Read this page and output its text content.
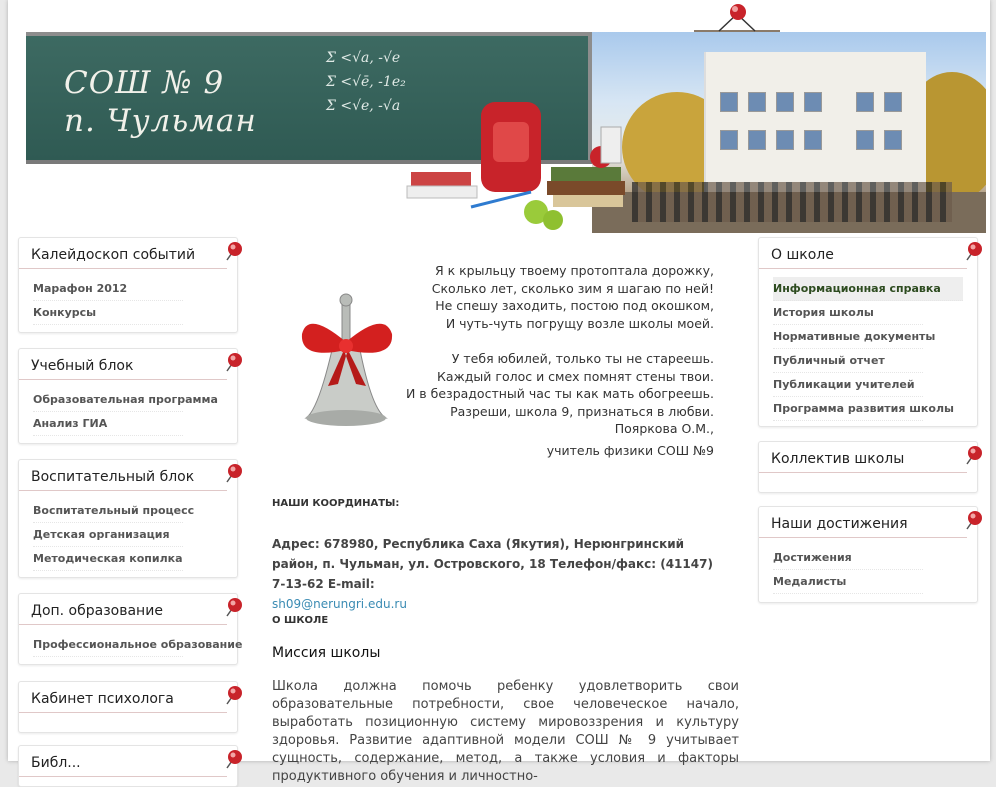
СОШ № 9
п. Чульман
Σ <√a, -√e
Σ <√ē, -1e₂
Σ <√e, -√a
Калейдоскоп событий
Марафон 2012
Конкурсы
Учебный блок
Образовательная программа
Анализ ГИА
Воспитательный блок
Воспитательный процесс
Детская организация
Методическая копилка
Доп. образование
Профессиональное образование
Кабинет психолога
Библ...
О школе
Информационная справка
История школы
Нормативные документы
Публичный отчет
Публикации учителей
Программа развития школы
Коллектив школы
Наши достижения
Достижения
Медалисты

Я к крыльцу твоему протоптала дорожку,

Сколько лет, сколько зим я шагаю по ней!

Не спешу заходить, постою под окошком,

И чуть-чуть погрущу возле школы моей.

У тебя юбилей, только ты не стареешь.

Каждый голос и смех помнят стены твои.

И в безрадостный час ты как мать обогреешь.

Разреши, школа 9, признаться в любви.

Пояркова О.М.,

учитель физики СОШ №9

НАШИ КООРДИНАТЫ:
Адрес: 678980, Республика Саха (Якутия), Нерюнгринский район, п. Чульман, ул. Островского, 18 Телефон/факс: (41147) 7-13-62 E-mail:
sh09@nerungri.edu.ru
О ШКОЛЕ
Миссия школы
Школа должна помочь ребенку удовлетворить свои образовательные потребности, свое человеческое начало, выработать позиционную систему мировоззрения и культуру здоровья. Развитие адаптивной модели СОШ № 9 учитывает сущность, содержание, метод, а также условия и факторы продуктивного обучения и личностно-
